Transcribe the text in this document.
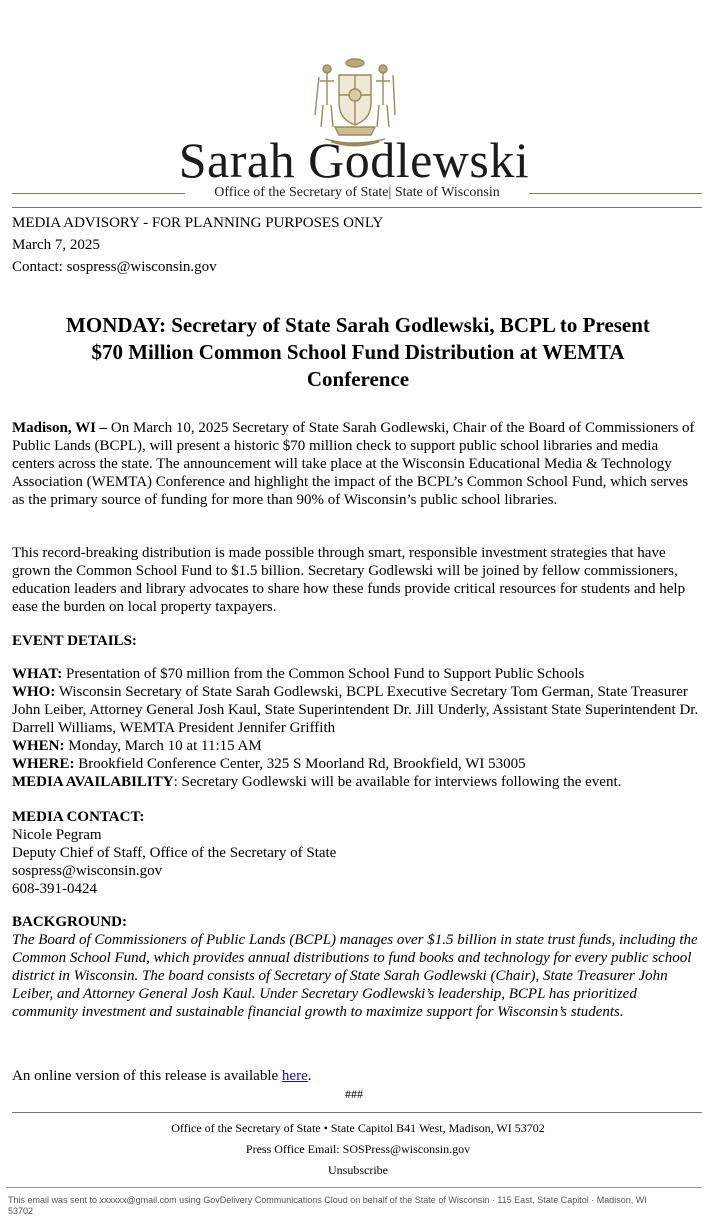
Sarah Godlewski
Office of the Secretary of State| State of Wisconsin
MEDIA ADVISORY - FOR PLANNING PURPOSES ONLY
March 7, 2025
Contact: sospress@wisconsin.gov
MONDAY: Secretary of State Sarah Godlewski, BCPL to Present
$70 Million Common School Fund Distribution at WEMTA
Conference
Madison, WI – On March 10, 2025 Secretary of State Sarah Godlewski, Chair of the Board of Commissioners of Public Lands (BCPL), will present a historic $70 million check to support public school libraries and media centers across the state. The announcement will take place at the Wisconsin Educational Media & Technology Association (WEMTA) Conference and highlight the impact of the BCPL’s Common School Fund, which serves as the primary source of funding for more than 90% of Wisconsin’s public school libraries.
This record-breaking distribution is made possible through smart, responsible investment strategies that have grown the Common School Fund to $1.5 billion. Secretary Godlewski will be joined by fellow commissioners, education leaders and library advocates to share how these funds provide critical resources for students and help ease the burden on local property taxpayers.
EVENT DETAILS:
WHAT: Presentation of $70 million from the Common School Fund to Support Public Schools
WHO: Wisconsin Secretary of State Sarah Godlewski, BCPL Executive Secretary Tom German, State Treasurer John Leiber, Attorney General Josh Kaul, State Superintendent Dr. Jill Underly, Assistant State Superintendent Dr. Darrell Williams, WEMTA President Jennifer Griffith
WHEN: Monday, March 10 at 11:15 AM
WHERE: Brookfield Conference Center, 325 S Moorland Rd, Brookfield, WI 53005
MEDIA AVAILABILITY: Secretary Godlewski will be available for interviews following the event.
MEDIA CONTACT:
Nicole Pegram
Deputy Chief of Staff, Office of the Secretary of State
sospress@wisconsin.gov
608-391-0424
BACKGROUND:
The Board of Commissioners of Public Lands (BCPL) manages over $1.5 billion in state trust funds, including the Common School Fund, which provides annual distributions to fund books and technology for every public school district in Wisconsin. The board consists of Secretary of State Sarah Godlewski (Chair), State Treasurer John Leiber, and Attorney General Josh Kaul. Under Secretary Godlewski’s leadership, BCPL has prioritized community investment and sustainable financial growth to maximize support for Wisconsin’s students.
An online version of this release is available here.
###
Office of the Secretary of State • State Capitol B41 West, Madison, WI 53702
Press Office Email: SOSPress@wisconsin.gov
Unsubscribe
This email was sent to xxxxxx@gmail.com using GovDelivery Communications Cloud on behalf of the State of Wisconsin · 115 East, State Capitol · Madison, WI 53702
